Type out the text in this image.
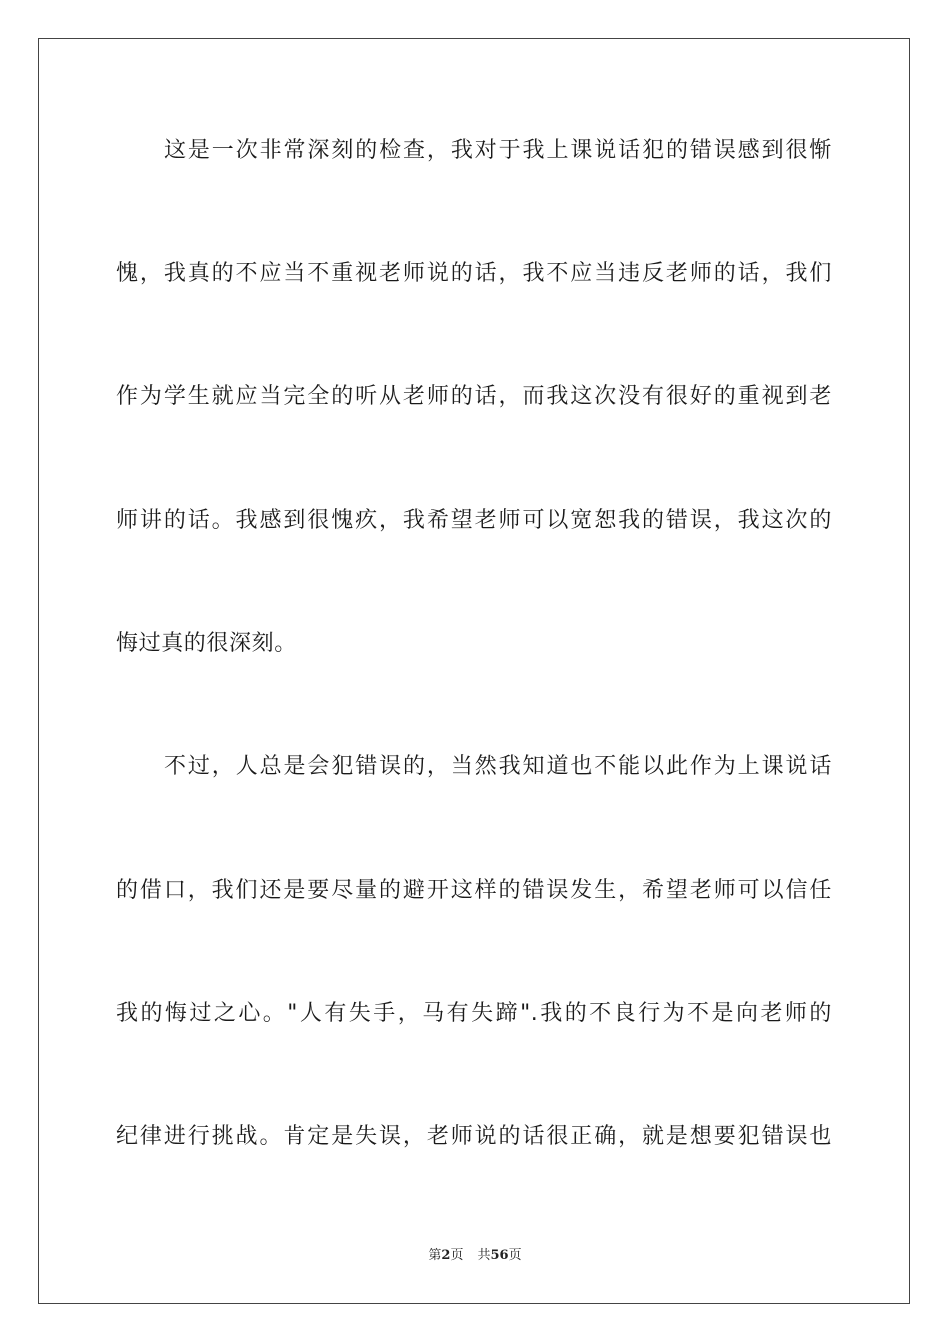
这是一次非常深刻的检查，我对于我上课说话犯的错误感到很惭
愧，我真的不应当不重视老师说的话，我不应当违反老师的话，我们
作为学生就应当完全的听从老师的话，而我这次没有很好的重视到老
师讲的话。我感到很愧疚，我希望老师可以宽恕我的错误，我这次的
悔过真的很深刻。
不过，人总是会犯错误的，当然我知道也不能以此作为上课说话
的借口，我们还是要尽量的避开这样的错误发生，希望老师可以信任
我的悔过之心。"人有失手，马有失蹄".我的不良行为不是向老师的
纪律进行挑战。肯定是失误，老师说的话很正确，就是想要犯错误也
第2页 共56页
